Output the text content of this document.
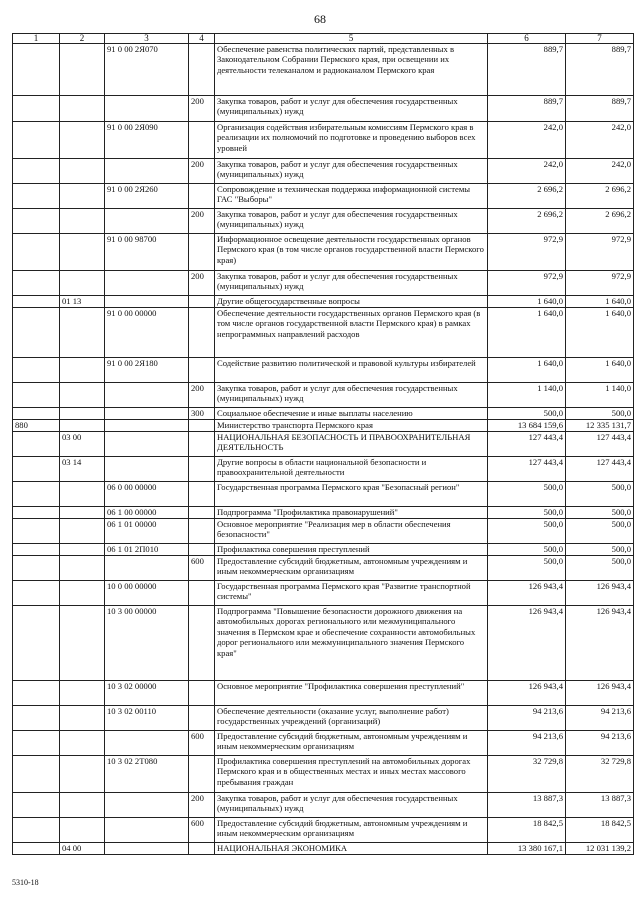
68
1	2	3	4	5	6	7
		91 0 00 2Я070		Обеспечение равенства политических партий, представленных в Законодательном Собрании Пермского края, при освещении их деятельности телеканалом и радиоканалом Пермского края	889,7	889,7
			200	Закупка товаров, работ и услуг для обеспечения государственных (муниципальных) нужд	889,7	889,7
		91 0 00 2Я090		Организация содействия избирательным комиссиям Пермского края в реализации их полномочий по подготовке и проведению выборов всех уровней	242,0	242,0
			200	Закупка товаров, работ и услуг для обеспечения государственных (муниципальных) нужд	242,0	242,0
		91 0 00 2Я260		Сопровождение и техническая поддержка информационной системы ГАС "Выборы"	2 696,2	2 696,2
			200	Закупка товаров, работ и услуг для обеспечения государственных (муниципальных) нужд	2 696,2	2 696,2
		91 0 00 98700		Информационное освещение деятельности государственных органов Пермского края (в том числе органов государственной власти Пермского края)	972,9	972,9
			200	Закупка товаров, работ и услуг для обеспечения государственных (муниципальных) нужд	972,9	972,9
	01 13			Другие общегосударственные вопросы	1 640,0	1 640,0
		91 0 00 00000		Обеспечение деятельности государственных органов Пермского края (в том числе органов государственной власти Пермского края) в рамках непрограммных направлений расходов	1 640,0	1 640,0
		91 0 00 2Я180		Содействие развитию политической и правовой культуры избирателей	1 640,0	1 640,0
			200	Закупка товаров, работ и услуг для обеспечения государственных (муниципальных) нужд	1 140,0	1 140,0
			300	Социальное обеспечение и иные выплаты населению	500,0	500,0
880				Министерство транспорта Пермского края	13 684 159,6	12 335 131,7
	03 00			НАЦИОНАЛЬНАЯ БЕЗОПАСНОСТЬ И ПРАВООХРАНИТЕЛЬНАЯ ДЕЯТЕЛЬНОСТЬ	127 443,4	127 443,4
	03 14			Другие вопросы в области национальной безопасности и правоохранительной деятельности	127 443,4	127 443,4
		06 0 00 00000		Государственная программа Пермского края "Безопасный регион"	500,0	500,0
		06 1 00 00000		Подпрограмма "Профилактика правонарушений"	500,0	500,0
		06 1 01 00000		Основное мероприятие "Реализация мер в области обеспечения безопасности"	500,0	500,0
		06 1 01 2П010		Профилактика совершения преступлений	500,0	500,0
			600	Предоставление субсидий бюджетным, автономным учреждениям и иным некоммерческим организациям	500,0	500,0
		10 0 00 00000		Государственная программа Пермского края "Развитие транспортной системы"	126 943,4	126 943,4
		10 3 00 00000		Подпрограмма "Повышение безопасности дорожного движения на автомобильных дорогах регионального или межмуниципального значения в Пермском крае и обеспечение сохранности автомобильных дорог регионального или межмуниципального значения Пермского края"	126 943,4	126 943,4
		10 3 02 00000		Основное мероприятие "Профилактика совершения преступлений"	126 943,4	126 943,4
		10 3 02 00110		Обеспечение деятельности (оказание услуг, выполнение работ) государственных учреждений (организаций)	94 213,6	94 213,6
			600	Предоставление субсидий бюджетным, автономным учреждениям и иным некоммерческим организациям	94 213,6	94 213,6
		10 3 02 2Т080		Профилактика совершения преступлений на автомобильных дорогах Пермского края и в общественных местах и иных местах массового пребывания граждан	32 729,8	32 729,8
			200	Закупка товаров, работ и услуг для обеспечения государственных (муниципальных) нужд	13 887,3	13 887,3
			600	Предоставление субсидий бюджетным, автономным учреждениям и иным некоммерческим организациям	18 842,5	18 842,5
	04 00			НАЦИОНАЛЬНАЯ ЭКОНОМИКА	13 380 167,1	12 031 139,2
5310-18
